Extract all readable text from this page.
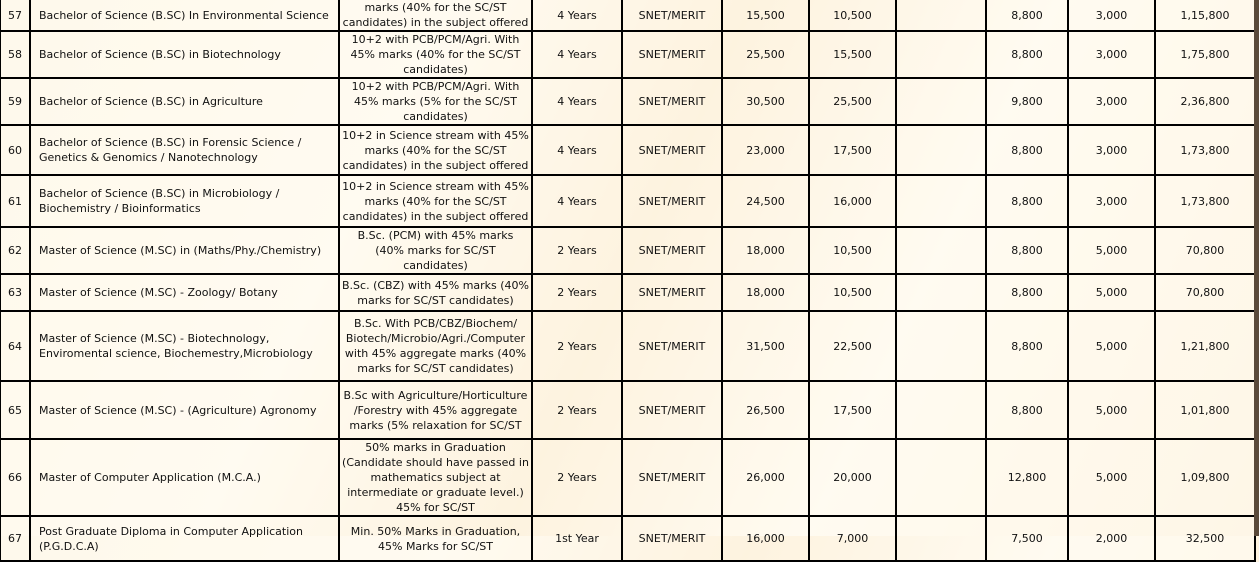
57	Bachelor of Science (B.SC) In Environmental Science	marks (40% for the SC/ST candidates) in the subject offered	4 Years	SNET/MERIT	15,500	10,500		8,800	3,000	1,15,800
58	Bachelor of Science (B.SC) in Biotechnology	10+2 with PCB/PCM/Agri. With 45% marks (40% for the SC/ST candidates)	4 Years	SNET/MERIT	25,500	15,500		8,800	3,000	1,75,800
59	Bachelor of Science (B.SC) in Agriculture	10+2 with PCB/PCM/Agri. With 45% marks (5% for the SC/ST candidates)	4 Years	SNET/MERIT	30,500	25,500		9,800	3,000	2,36,800
60	Bachelor of Science (B.SC) in Forensic Science / Genetics & Genomics / Nanotechnology	10+2 in Science stream with 45% marks (40% for the SC/ST candidates) in the subject offered	4 Years	SNET/MERIT	23,000	17,500		8,800	3,000	1,73,800
61	Bachelor of Science (B.SC) in Microbiology / Biochemistry / Bioinformatics	10+2 in Science stream with 45% marks (40% for the SC/ST candidates) in the subject offered	4 Years	SNET/MERIT	24,500	16,000		8,800	3,000	1,73,800
62	Master of Science (M.SC) in (Maths/Phy./Chemistry)	B.Sc. (PCM) with 45% marks (40% marks for SC/ST candidates)	2 Years	SNET/MERIT	18,000	10,500		8,800	5,000	70,800
63	Master of Science (M.SC) - Zoology/ Botany	B.Sc. (CBZ) with 45% marks (40% marks for SC/ST candidates)	2 Years	SNET/MERIT	18,000	10,500		8,800	5,000	70,800
64	Master of Science (M.SC) - Biotechnology, Enviromental science, Biochemestry,Microbiology	B.Sc. With PCB/CBZ/Biochem/ Biotech/Microbio/Agri./Computer with 45% aggregate marks (40% marks for SC/ST candidates)	2 Years	SNET/MERIT	31,500	22,500		8,800	5,000	1,21,800
65	Master of Science (M.SC) - (Agriculture) Agronomy	B.Sc with Agriculture/Horticulture /Forestry with 45% aggregate marks (5% relaxation for SC/ST	2 Years	SNET/MERIT	26,500	17,500		8,800	5,000	1,01,800
66	Master of Computer Application (M.C.A.)	50% marks in Graduation (Candidate should have passed in mathematics subject at intermediate or graduate level.) 45% for SC/ST	2 Years	SNET/MERIT	26,000	20,000		12,800	5,000	1,09,800
67	Post Graduate Diploma in Computer Application (P.G.D.C.A)	Min. 50% Marks in Graduation, 45% Marks for SC/ST	1st Year	SNET/MERIT	16,000	7,000		7,500	2,000	32,500
